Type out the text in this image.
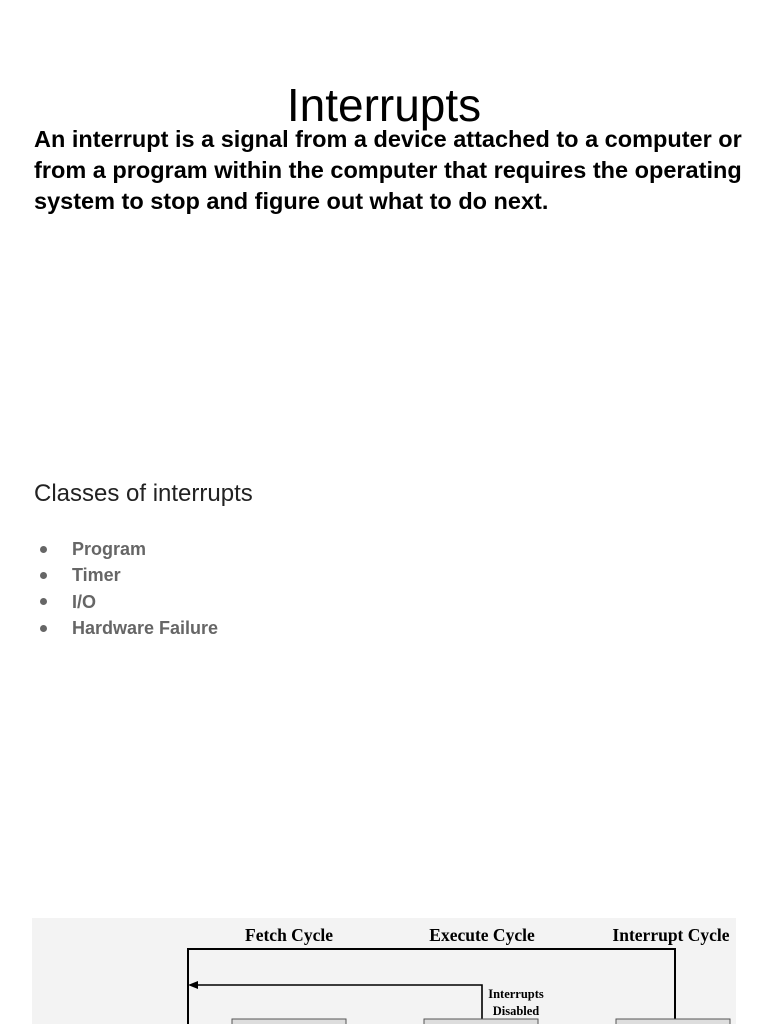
Interrupts

An interrupt is a signal from a device attached to a computer or from a program within the computer that requires the operating system to stop and figure out what to do next.

Classes of interrupts
Program
Timer
I/O
Hardware Failure
Fetch Cycle	Execute Cycle	Interrupt Cycle
Interrupts
Disabled
